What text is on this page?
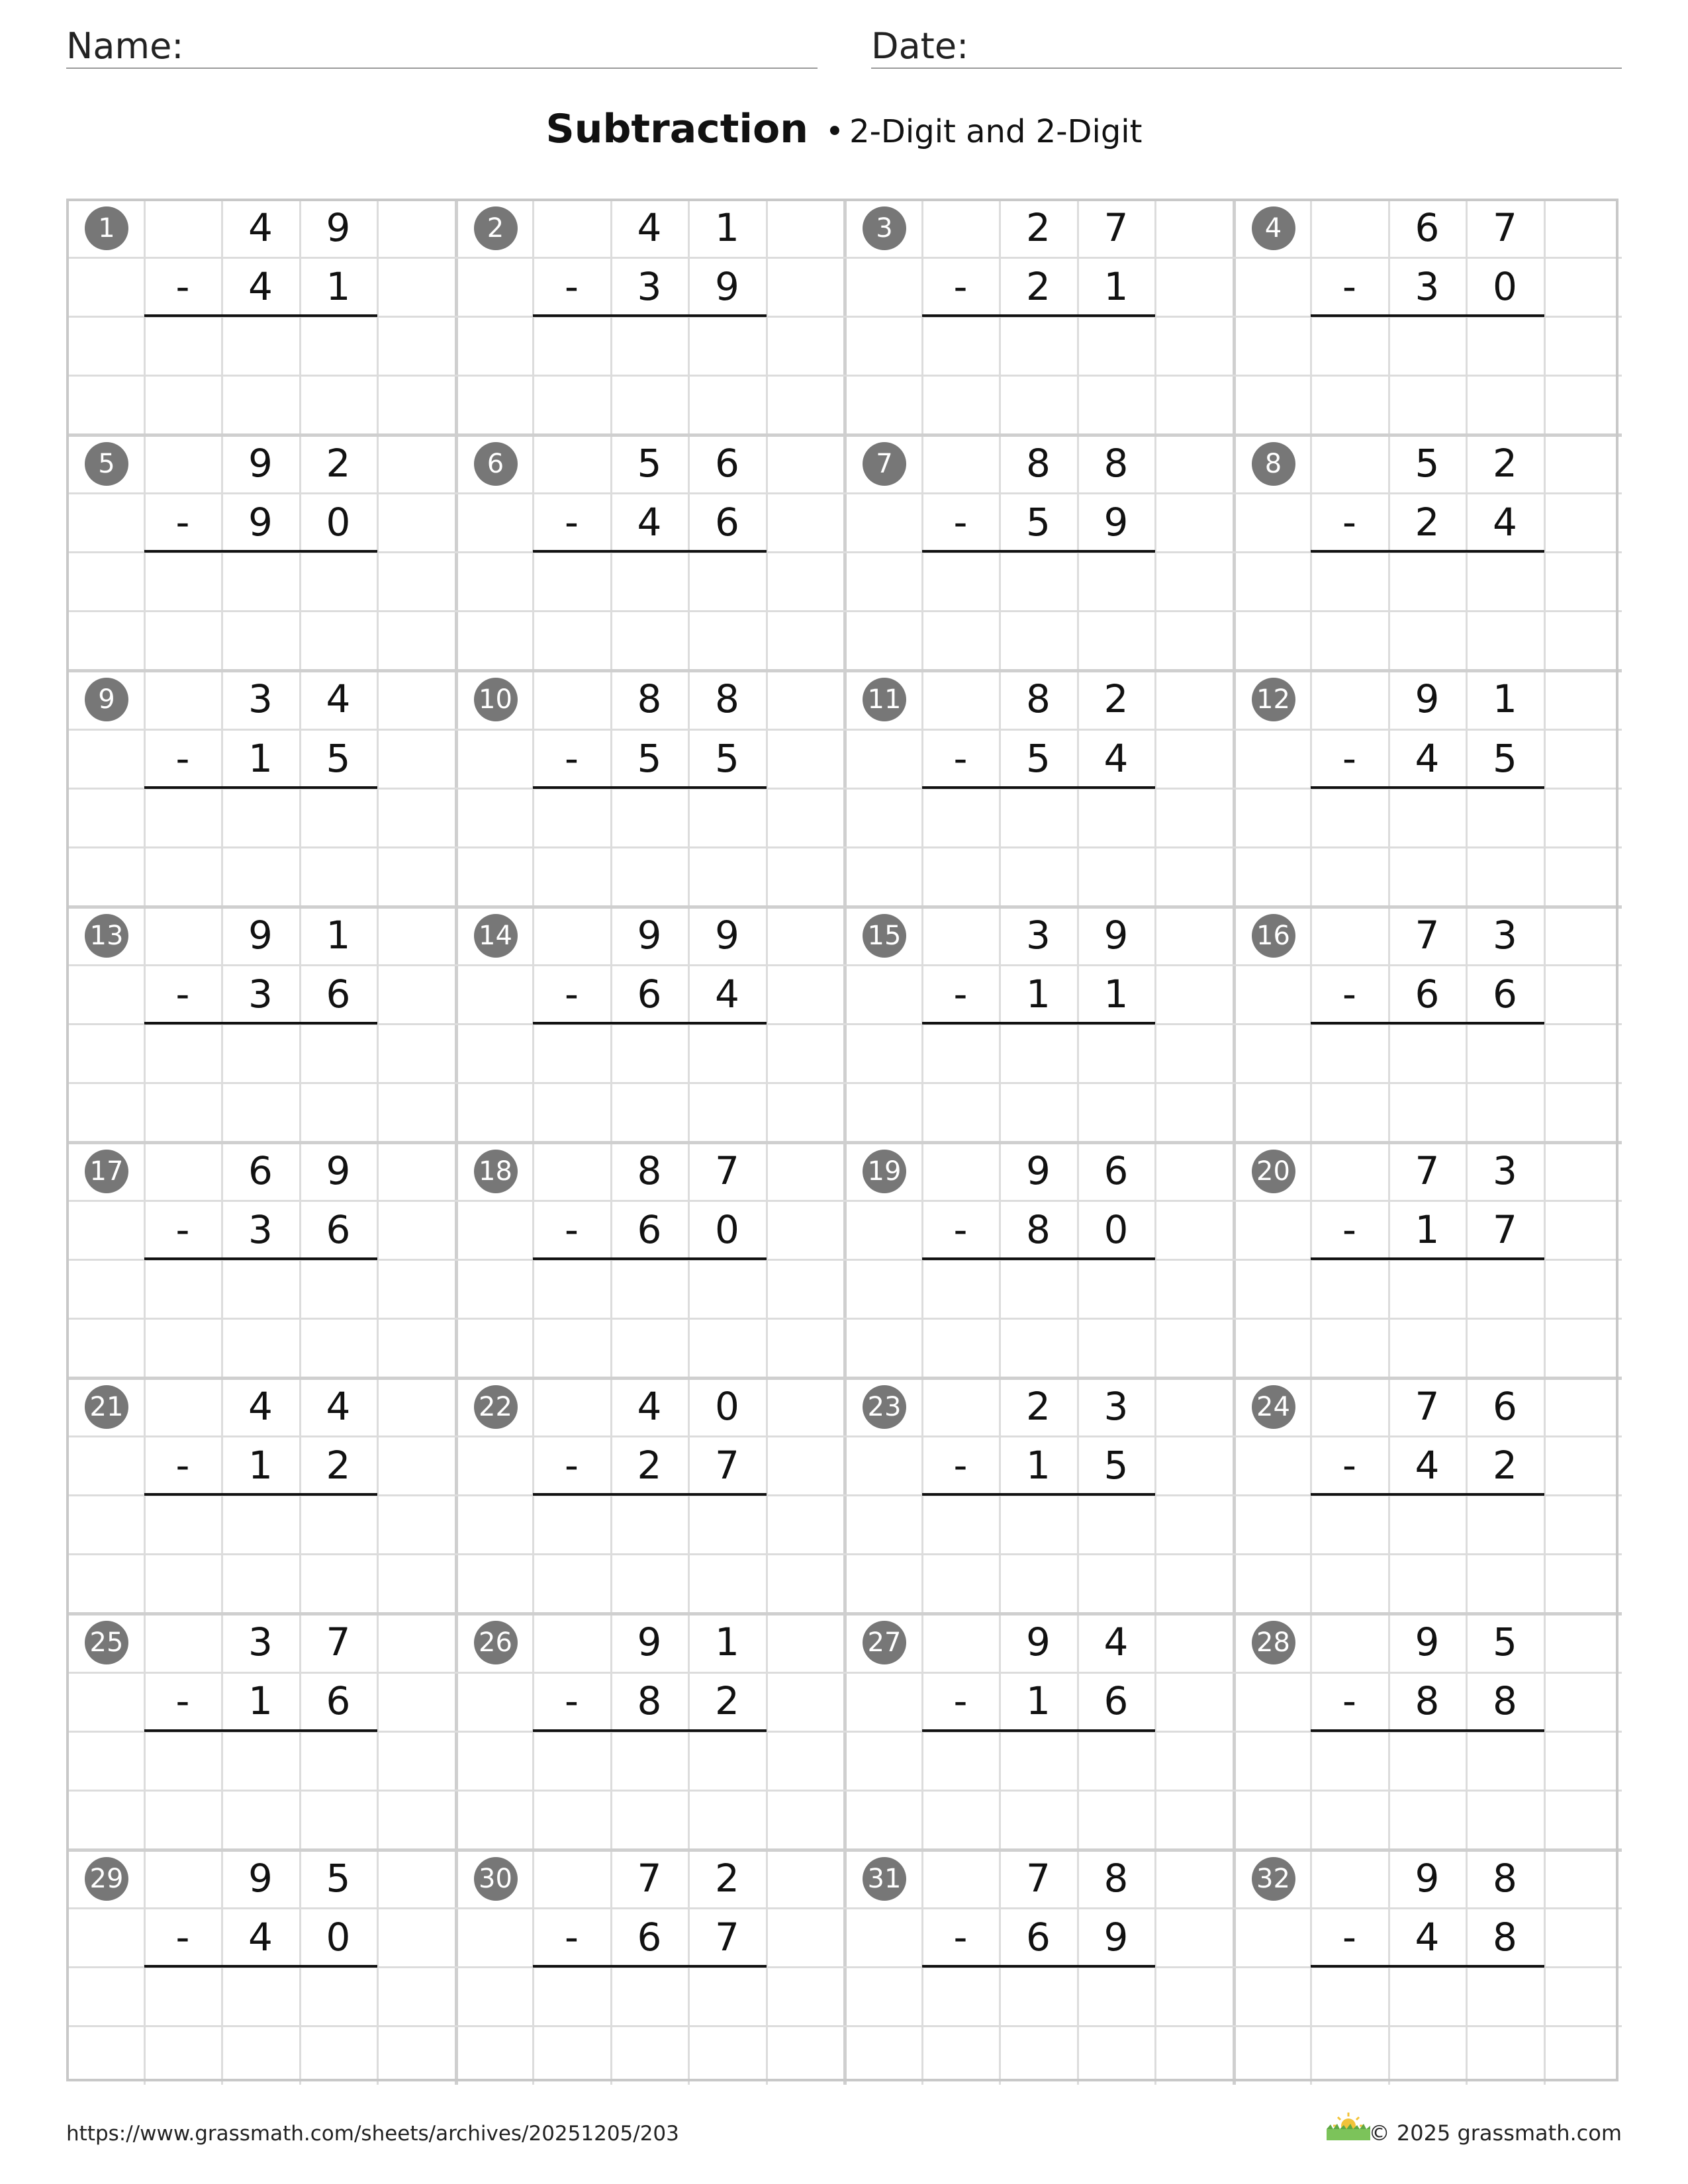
Name:	Date:
Subtraction • 2-Digit and 2-Digit
1	4	9
-	4	1
2	4	1
-	3	9
3	2	7
-	2	1
4	6	7
-	3	0
5	9	2
-	9	0
6	5	6
-	4	6
7	8	8
-	5	9
8	5	2
-	2	4
9	3	4
-	1	5
10	8	8
-	5	5
11	8	2
-	5	4
12	9	1
-	4	5
13	9	1
-	3	6
14	9	9
-	6	4
15	3	9
-	1	1
16	7	3
-	6	6
17	6	9
-	3	6
18	8	7
-	6	0
19	9	6
-	8	0
20	7	3
-	1	7
21	4	4
-	1	2
22	4	0
-	2	7
23	2	3
-	1	5
24	7	6
-	4	2
25	3	7
-	1	6
26	9	1
-	8	2
27	9	4
-	1	6
28	9	5
-	8	8
29	9	5
-	4	0
30	7	2
-	6	7
31	7	8
-	6	9
32	9	8
-	4	8
https://www.grassmath.com/sheets/archives/20251205/203	© 2025 grassmath.com
